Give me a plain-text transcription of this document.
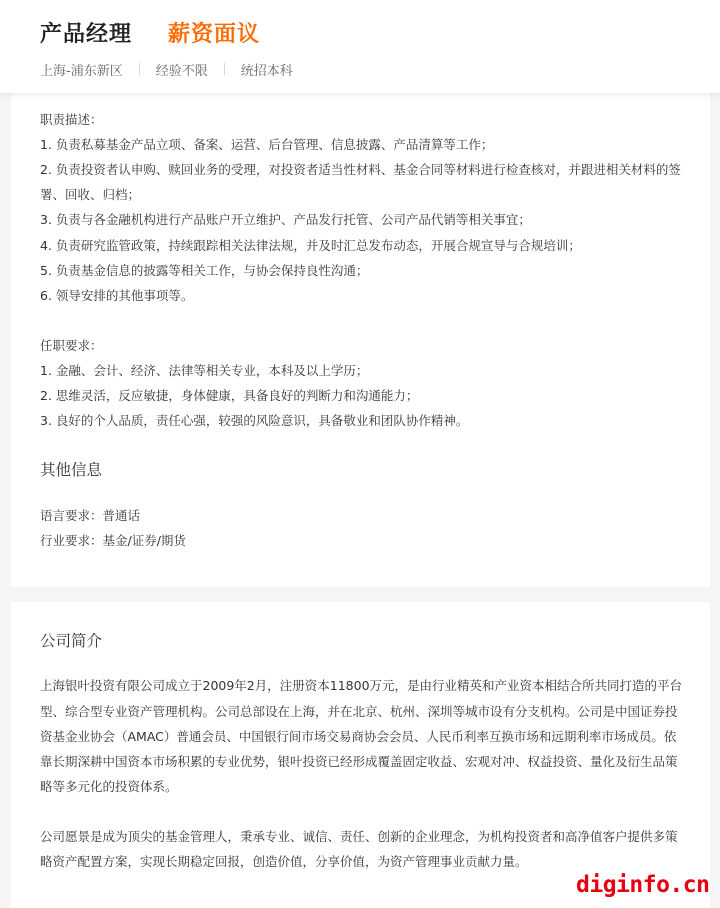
产品经理 薪资面议
上海-浦东新区	经验不限	统招本科
职责描述：
1. 负责私募基金产品立项、备案、运营、后台管理、信息披露、产品清算等工作；
2. 负责投资者认申购、赎回业务的受理，对投资者适当性材料、基金合同等材料进行检查核对，并跟进相关材料的签
署、回收、归档；
3. 负责与各金融机构进行产品账户开立维护、产品发行托管、公司产品代销等相关事宜；
4. 负责研究监管政策，持续跟踪相关法律法规，并及时汇总发布动态，开展合规宣导与合规培训；
5. 负责基金信息的披露等相关工作，与协会保持良性沟通；
6. 领导安排的其他事项等。
任职要求：
1. 金融、会计、经济、法律等相关专业，本科及以上学历；
2. 思维灵活，反应敏捷，身体健康，具备良好的判断力和沟通能力；
3. 良好的个人品质，责任心强，较强的风险意识，具备敬业和团队协作精神。
其他信息
语言要求：普通话
行业要求：基金/证券/期货
公司简介
上海银叶投资有限公司成立于2009年2月，注册资本11800万元，是由行业精英和产业资本相结合所共同打造的平台
型、综合型专业资产管理机构。公司总部设在上海，并在北京、杭州、深圳等城市设有分支机构。公司是中国证券投
资基金业协会（AMAC）普通会员、中国银行间市场交易商协会会员、人民币利率互换市场和远期利率市场成员。依
靠长期深耕中国资本市场积累的专业优势，银叶投资已经形成覆盖固定收益、宏观对冲、权益投资、量化及衍生品策
略等多元化的投资体系。
公司愿景是成为顶尖的基金管理人，秉承专业、诚信、责任、创新的企业理念，为机构投资者和高净值客户提供多策
略资产配置方案，实现长期稳定回报，创造价值，分享价值，为资产管理事业贡献力量。
diginfo.cn
